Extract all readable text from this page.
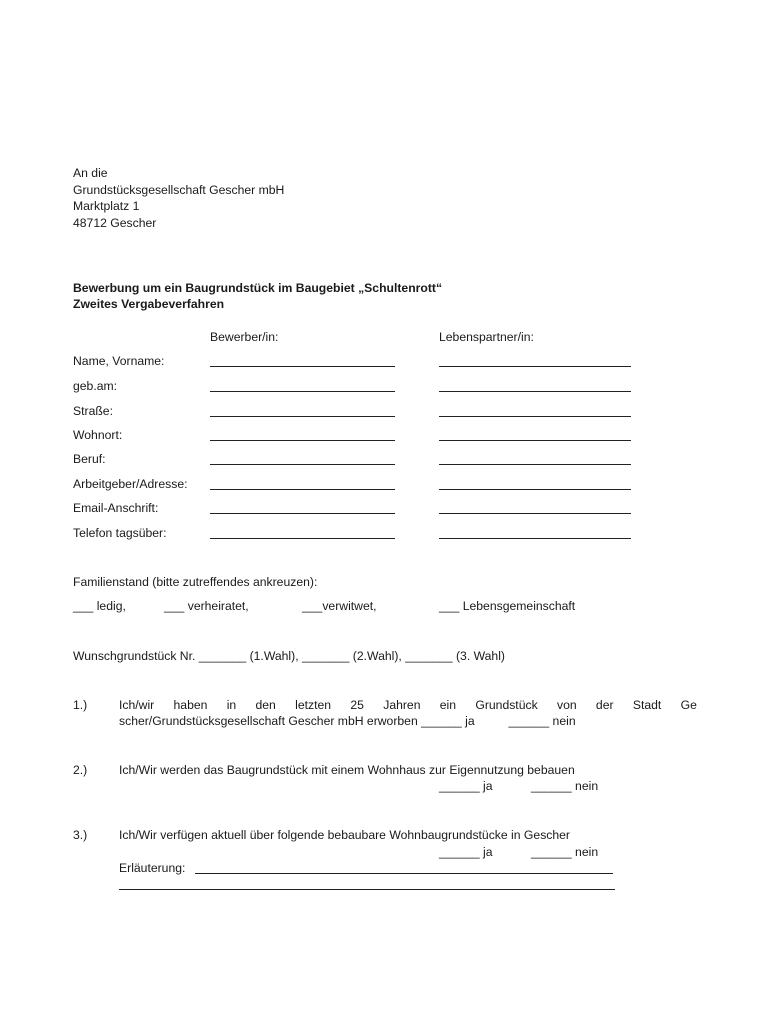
An die
Grundstücksgesellschaft Gescher mbH
Marktplatz 1
48712 Gescher
Bewerbung um ein Baugrundstück im Baugebiet „Schultenrott“
Zweites Vergabeverfahren
Bewerber/in:	Lebenspartner/in:
Name, Vorname:
geb.am:
Straße:
Wohnort:
Beruf:
Arbeitgeber/Adresse:
Email-Anschrift:
Telefon tagsüber:
Familienstand (bitte zutreffendes ankreuzen):
___ ledig,	___ verheiratet,	___verwitwet,	___ Lebensgemeinschaft
Wunschgrundstück Nr. _______ (1.Wahl), _______ (2.Wahl), _______ (3. Wahl)
1.)	Ich/wir haben in den letzten 25 Jahren ein Grundstück von der Stadt Ge
scher/Grundstücksgesellschaft Gescher mbH erworben ______ ja          ______ nein
2.)	Ich/Wir werden das Baugrundstück mit einem Wohnhaus zur Eigennutzung bebauen
______ ja	______ nein
3.)	Ich/Wir verfügen aktuell über folgende bebaubare Wohnbaugrundstücke in Gescher
______ ja	______ nein
Erläuterung:
